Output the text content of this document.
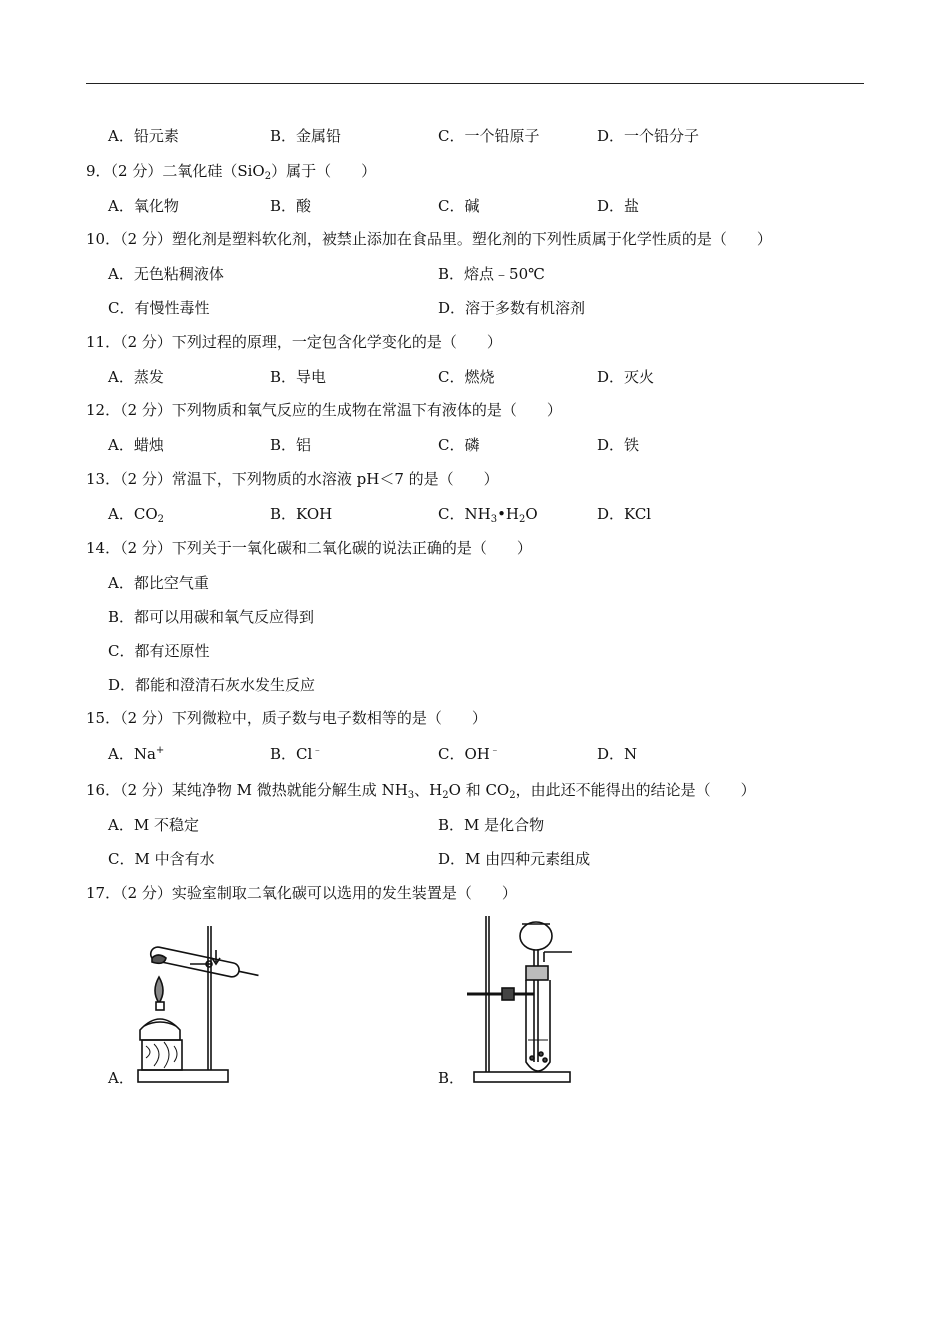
A．铅元素	B．金属铅	C．一个铅原子	D．一个铅分子
9．（2 分）二氧化硅（SiO$_2$）属于（　　）
A．氧化物	B．酸	C．碱	D．盐
10．（2 分）塑化剂是塑料软化剂，被禁止添加在食品里。塑化剂的下列性质属于化学性质的是（　　）
A．无色粘稠液体	B．熔点﹣50℃
C．有慢性毒性	D．溶于多数有机溶剂
11．（2 分）下列过程的原理，一定包含化学变化的是（　　）
A．蒸发	B．导电	C．燃烧	D．灭火
12．（2 分）下列物质和氧气反应的生成物在常温下有液体的是（　　）
A．蜡烛	B．铝	C．磷	D．铁
13．（2 分）常温下，下列物质的水溶液 pH＜7 的是（　　）
A．$CO_2$	B．KOH	C．$NH_3•H_2O$	D．KCl
14．（2 分）下列关于一氧化碳和二氧化碳的说法正确的是（　　）
A．都比空气重
B．都可以用碳和氧气反应得到
C．都有还原性
D．都能和澄清石灰水发生反应
15．（2 分）下列微粒中，质子数与电子数相等的是（　　）
A．Na+	B．Cl﹣	C．OH﹣	D．N
16．（2 分）某纯净物 M 微热就能分解生成 $NH_3$、$H_2O$ 和 $CO_2$，由此还不能得出的结论是（　　）
A．M 不稳定	B．M 是化合物
C．M 中含有水	D．M 由四种元素组成
17．（2 分）实验室制取二氧化碳可以选用的发生装置是（　　）
A．	B．
